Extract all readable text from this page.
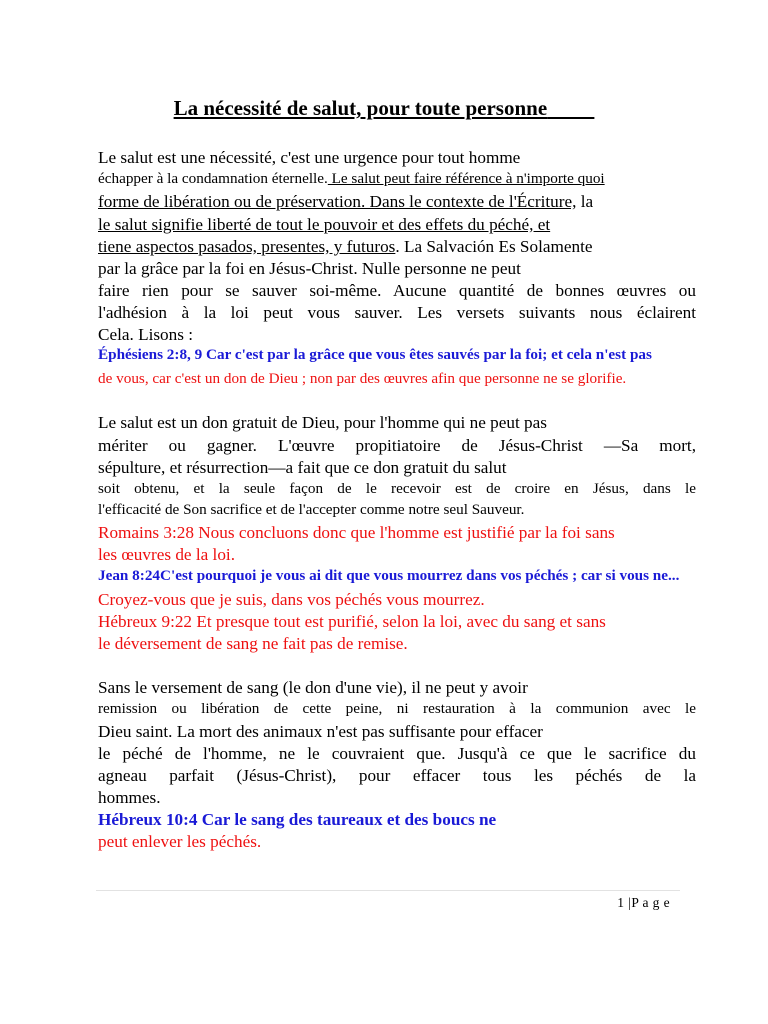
La nécessité de salut, pour toute personne
Le salut est une nécessité, c'est une urgence pour tout homme
échapper à la condamnation éternelle. Le salut peut faire référence à n'importe quoi
forme de libération ou de préservation. Dans le contexte de l'Écriture, la
le salut signifie liberté de tout le pouvoir et des effets du péché, et
tiene aspectos pasados, presentes, y futuros. La Salvación Es Solamente
par la grâce par la foi en Jésus-Christ. Nulle personne ne peut
faire rien pour se sauver soi-même. Aucune quantité de bonnes œuvres ou
l'adhésion à la loi peut vous sauver. Les versets suivants nous éclairent
Cela. Lisons :
Éphésiens 2:8, 9 Car c'est par la grâce que vous êtes sauvés par la foi; et cela n'est pas
de vous, car c'est un don de Dieu ; non par des œuvres afin que personne ne se glorifie.
Le salut est un don gratuit de Dieu, pour l'homme qui ne peut pas
mériter ou gagner. L'œuvre propitiatoire de Jésus-Christ —Sa mort,
sépulture, et résurrection—a fait que ce don gratuit du salut
soit obtenu, et la seule façon de le recevoir est de croire en Jésus, dans le
l'efficacité de Son sacrifice et de l'accepter comme notre seul Sauveur.
Romains 3:28 Nous concluons donc que l'homme est justifié par la foi sans
les œuvres de la loi.
Jean 8:24C'est pourquoi je vous ai dit que vous mourrez dans vos péchés ; car si vous ne...
Croyez-vous que je suis, dans vos péchés vous mourrez.
Hébreux 9:22 Et presque tout est purifié, selon la loi, avec du sang et sans
le déversement de sang ne fait pas de remise.
Sans le versement de sang (le don d'une vie), il ne peut y avoir
remission ou libération de cette peine, ni restauration à la communion avec le
Dieu saint. La mort des animaux n'est pas suffisante pour effacer
le péché de l'homme, ne le couvraient que. Jusqu'à ce que le sacrifice du
agneau parfait (Jésus-Christ), pour effacer tous les péchés de la
hommes.
Hébreux 10:4 Car le sang des taureaux et des boucs ne
peut enlever les péchés.
1 |P a g e
